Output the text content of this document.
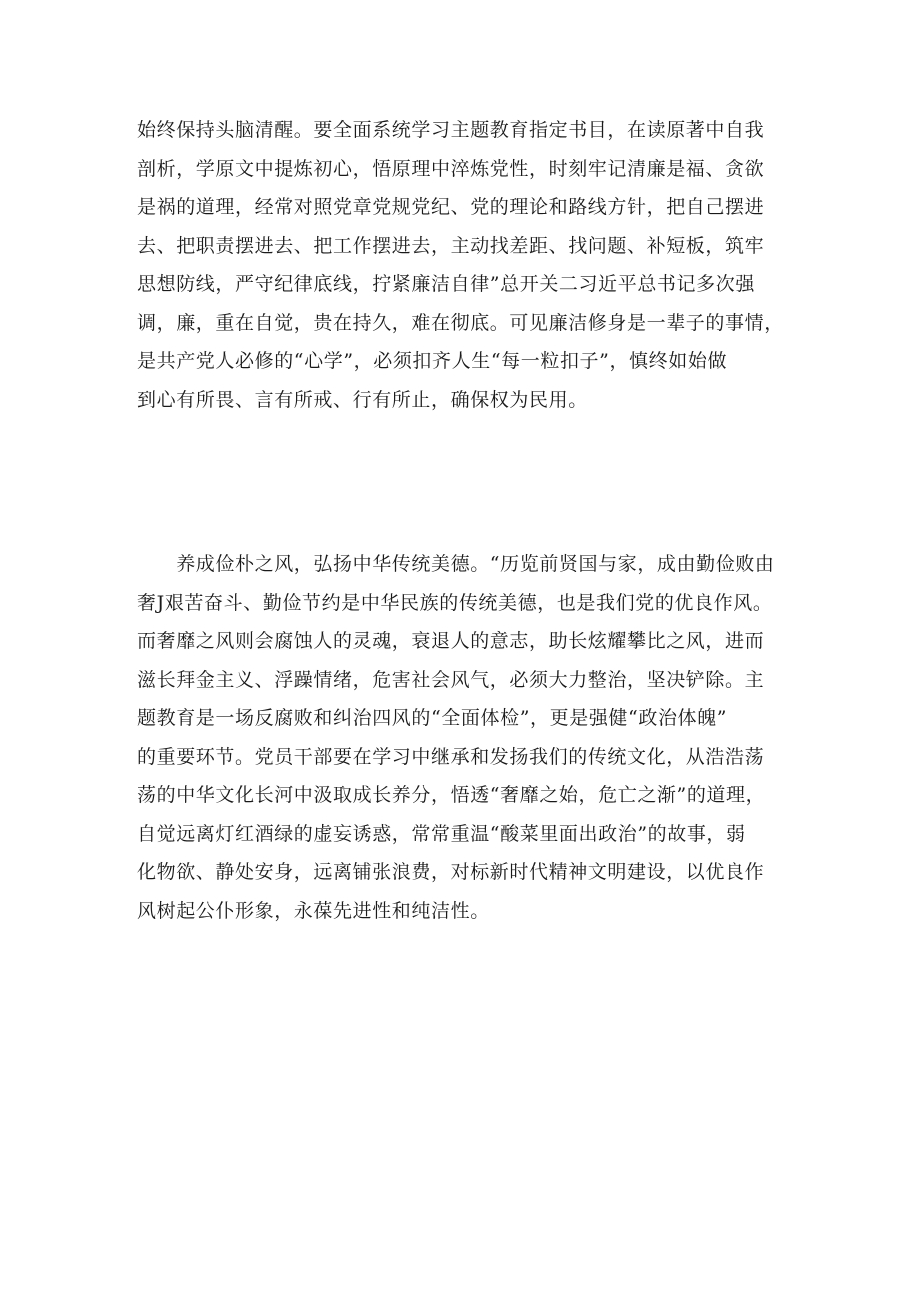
始终保持头脑清醒。要全面系统学习主题教育指定书目，在读原著中自我
剖析，学原文中提炼初心，悟原理中淬炼党性，时刻牢记清廉是福、贪欲
是祸的道理，经常对照党章党规党纪、党的理论和路线方针，把自己摆进
去、把职责摆进去、把工作摆进去，主动找差距、找问题、补短板，筑牢
思想防线，严守纪律底线，拧紧廉洁自律”总开关二习近平总书记多次强
调，廉，重在自觉，贵在持久，难在彻底。可见廉洁修身是一辈子的事情，
是共产党人必修的“心学”，必须扣齐人生“每一粒扣子”，慎终如始做
到心有所畏、言有所戒、行有所止，确保权为民用。
　　养成俭朴之风，弘扬中华传统美德。“历览前贤国与家，成由勤俭败由
奢J艰苦奋斗、勤俭节约是中华民族的传统美德，也是我们党的优良作风。
而奢靡之风则会腐蚀人的灵魂，衰退人的意志，助长炫耀攀比之风，进而
滋长拜金主义、浮躁情绪，危害社会风气，必须大力整治，坚决铲除。主
题教育是一场反腐败和纠治四风的“全面体检”，更是强健“政治体魄”
的重要环节。党员干部要在学习中继承和发扬我们的传统文化，从浩浩荡
荡的中华文化长河中汲取成长养分，悟透“奢靡之始，危亡之渐”的道理，
自觉远离灯红酒绿的虚妄诱惑，常常重温“酸菜里面出政治”的故事，弱
化物欲、静处安身，远离铺张浪费，对标新时代精神文明建设，以优良作
风树起公仆形象，永葆先进性和纯洁性。
